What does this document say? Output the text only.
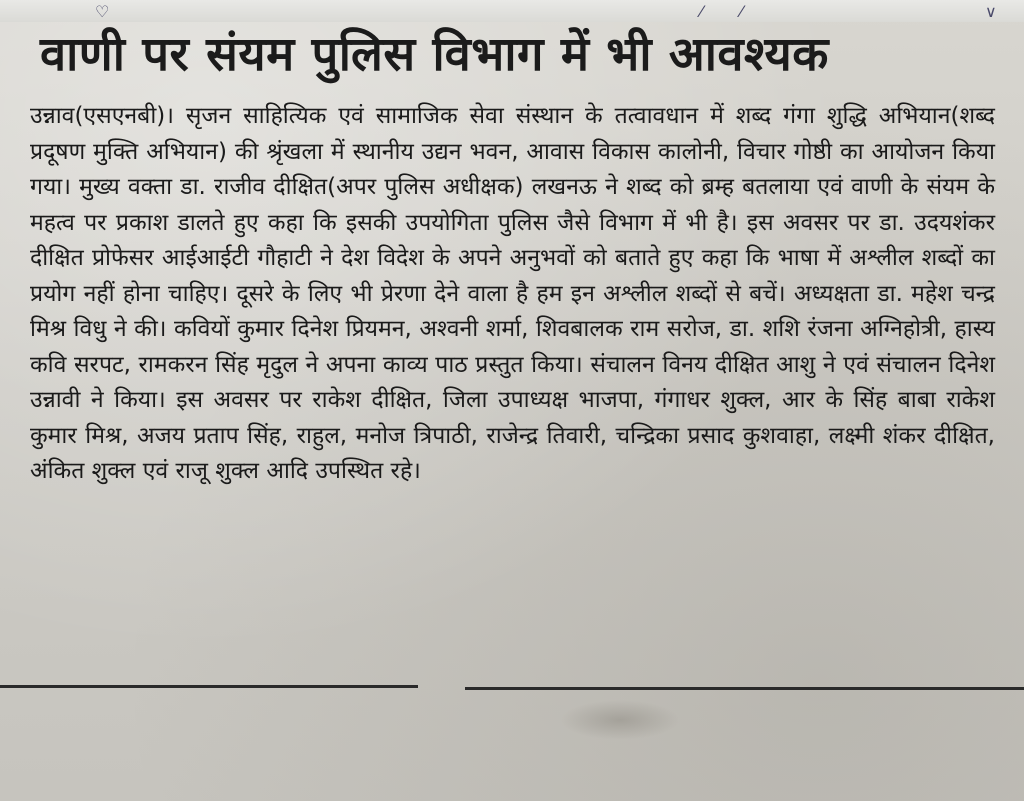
♡	⁄ ⁄	∨
वाणी पर संयम पुलिस विभाग में भी आवश्यक

उन्नाव(एसएनबी)। सृजन साहित्यिक एवं सामाजिक सेवा संस्थान के तत्वावधान में शब्द गंगा शुद्धि अभियान(शब्द प्रदूषण मुक्ति अभियान) की श्रृंखला में स्थानीय उद्यन भवन, आवास विकास कालोनी, विचार गोष्ठी का आयोजन किया गया। मुख्य वक्ता डा. राजीव दीक्षित(अपर पुलिस अधीक्षक) लखनऊ ने शब्द को ब्रम्ह बतलाया एवं वाणी के संयम के महत्व पर प्रकाश डालते हुए कहा कि इसकी उपयोगिता पुलिस जैसे विभाग में भी है। इस अवसर पर डा. उदयशंकर दीक्षित प्रोफेसर आईआईटी गौहाटी ने देश विदेश के अपने अनुभवों को बताते हुए कहा कि भाषा में अश्लील शब्दों का प्रयोग नहीं होना चाहिए। दूसरे के लिए भी प्रेरणा देने वाला है हम इन अश्लील शब्दों से बचें। अध्यक्षता डा. महेश चन्द्र मिश्र विधु ने की। कवियों कुमार दिनेश प्रियमन, अश्वनी शर्मा, शिवबालक राम सरोज, डा. शशि रंजना अग्निहोत्री, हास्य कवि सरपट, रामकरन सिंह मृदुल ने अपना काव्य पाठ प्रस्तुत किया। संचालन विनय दीक्षित आशु ने एवं संचालन दिनेश उन्नावी ने किया। इस अवसर पर राकेश दीक्षित, जिला उपाध्यक्ष भाजपा, गंगाधर शुक्ल, आर के सिंह बाबा राकेश कुमार मिश्र, अजय प्रताप सिंह, राहुल, मनोज त्रिपाठी, राजेन्द्र तिवारी, चन्द्रिका प्रसाद कुशवाहा, लक्ष्मी शंकर दीक्षित, अंकित शुक्ल एवं राजू शुक्ल आदि उपस्थित रहे।
